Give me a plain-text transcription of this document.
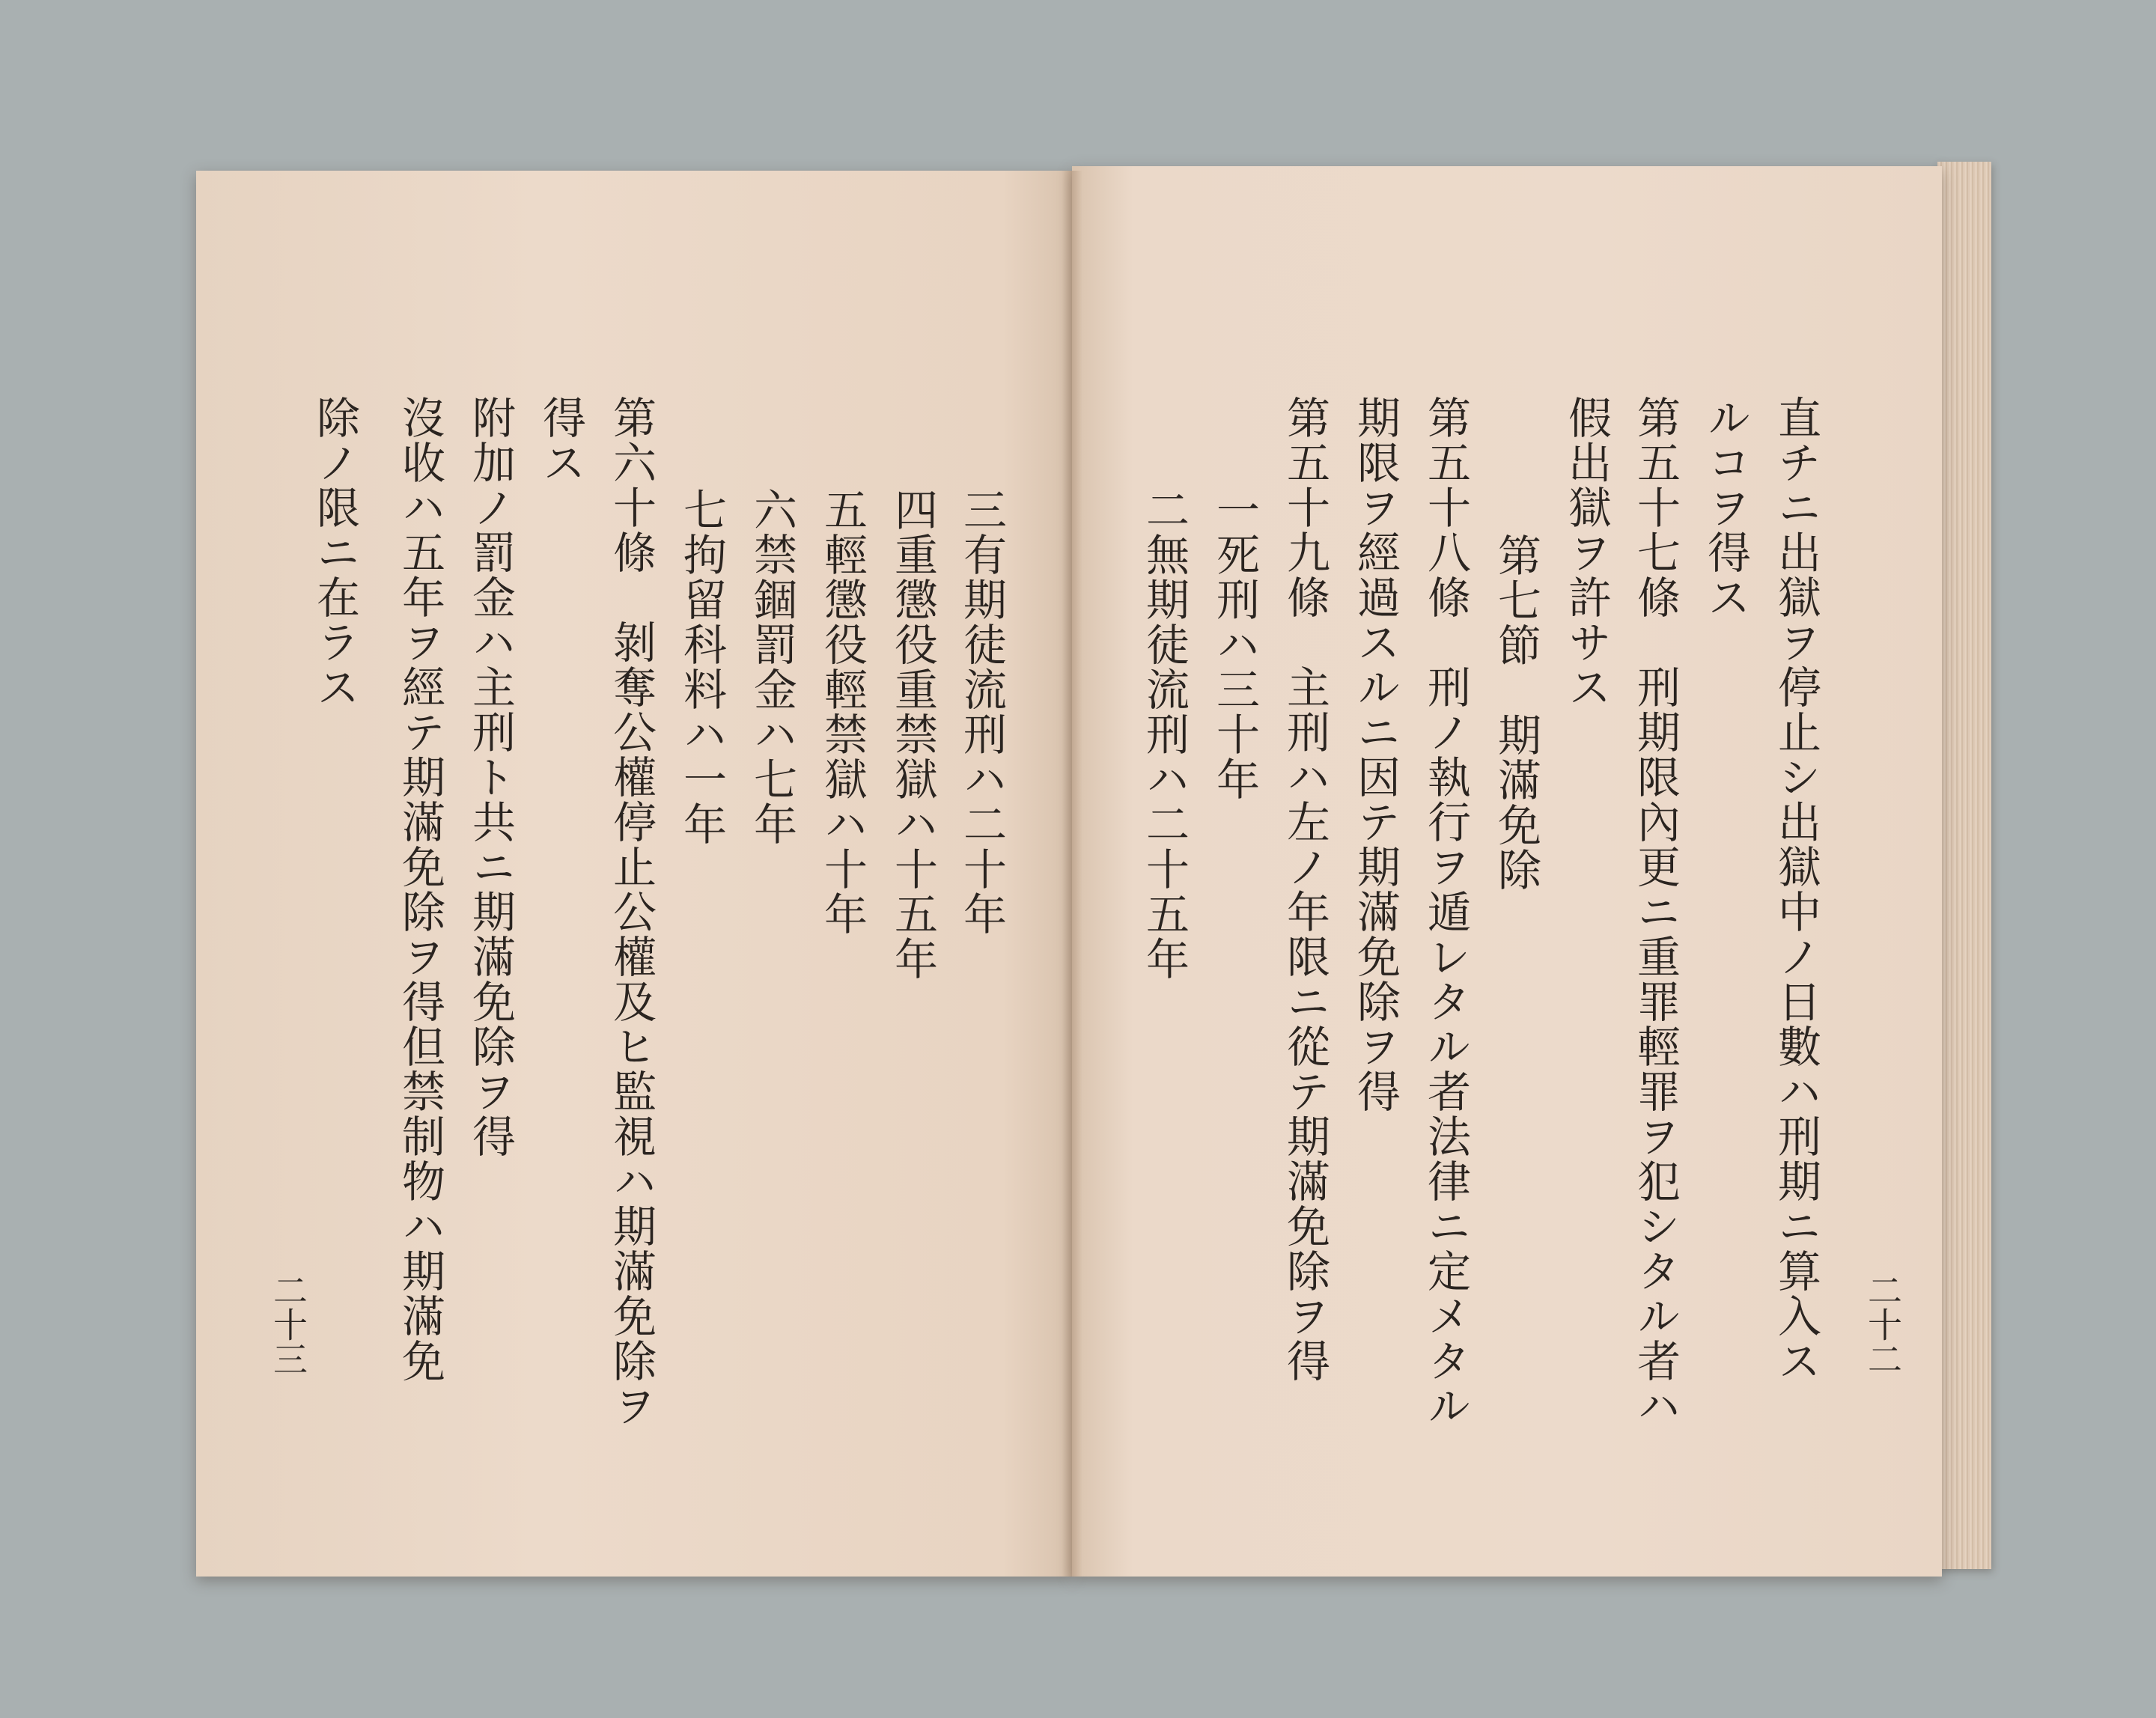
直チニ出獄ヲ停止シ出獄中ノ日數ハ刑期ニ算入ス
ルコヲ得ス
第五十七條　刑期限內更ニ重罪輕罪ヲ犯シタル者ハ
假出獄ヲ許サス
第七節　期滿免除
第五十八條　刑ノ執行ヲ遁レタル者法律ニ定メタル
期限ヲ經過スルニ因テ期滿免除ヲ得
第五十九條　主刑ハ左ノ年限ニ從テ期滿免除ヲ得
一死刑ハ三十年
二無期徒流刑ハ二十五年
二十二
三有期徒流刑ハ二十年
四重懲役重禁獄ハ十五年
五輕懲役輕禁獄ハ十年
六禁錮罰金ハ七年
七拘留科料ハ一年
第六十條　剝奪公權停止公權及ヒ監視ハ期滿免除ヲ
得ス
附加ノ罰金ハ主刑ト共ニ期滿免除ヲ得
沒收ハ五年ヲ經テ期滿免除ヲ得但禁制物ハ期滿免
除ノ限ニ在ラス
二十三
